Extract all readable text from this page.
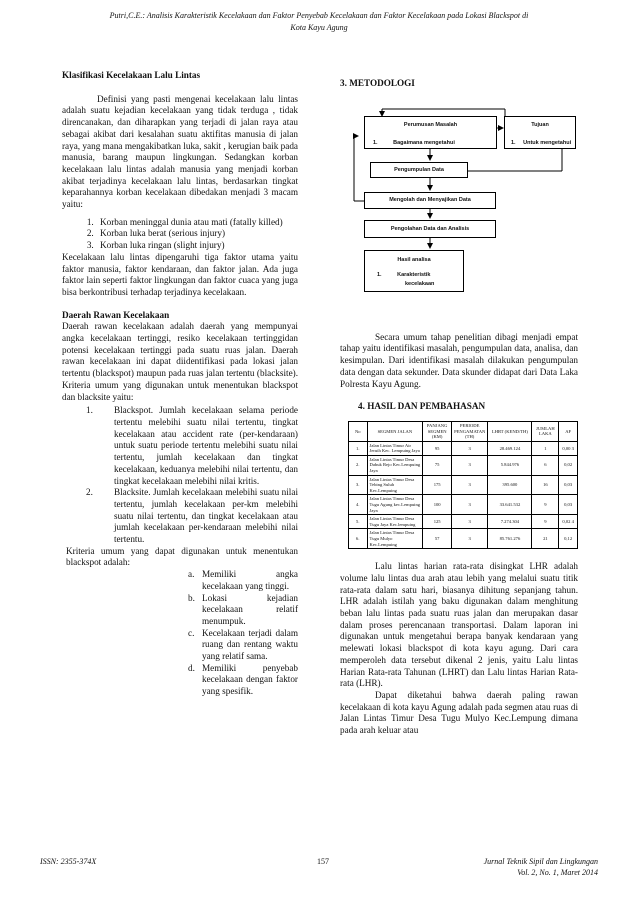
Putri,C.E.: Analisis Karakteristik Kecelakaan dan Faktor Penyebab Kecelakaan dan Faktor Kecelakaan pada Lokasi Blackspot di
Kota Kayu Agung

Klasifikasi Kecelakaan Lalu Lintas

Definisi yang pasti mengenai kecelakaan lalu lintas adalah suatu kejadian kecelakaan yang tidak terduga , tidak direncanakan, dan diharapkan yang terjadi di jalan raya atau sebagai akibat dari kesalahan suatu aktifitas manusia di jalan raya, yang mana mengakibatkan luka, sakit , kerugian baik pada manusia, barang maupun lingkungan. Sedangkan korban kecelakaan lalu lintas adalah manusia yang menjadi korban akibat terjadinya kecelakaan lalu lintas, berdasarkan tingkat keparahannya korban kecelakaan dibedakan menjadi 3 macam yaitu:

1. Korban meninggal dunia atau mati (fatally killed)
2. Korban luka berat (serious injury)
3. Korban luka ringan (slight injury)

Kecelakaan lalu lintas dipengaruhi tiga faktor utama yaitu faktor manusia, faktor kendaraan, dan faktor jalan. Ada juga faktor lain seperti faktor lingkungan dan faktor cuaca yang juga bisa berkontribusi terhadap terjadinya kecelakaan.

Daerah Rawan Kecelakaan

Daerah rawan kecelakaan adalah daerah yang mempunyai angka kecelakaan tertinggi, resiko kecelakaan tertinggidan potensi kecelakaan tertinggi pada suatu ruas jalan. Daerah rawan kecelakaan ini dapat diidentifikasi pada lokasi jalan tertentu (blackspot) maupun pada ruas jalan tertentu (blacksite). Kriteria umum yang digunakan untuk menentukan blackspot dan blacksite yaitu:

1.	Blackspot. Jumlah kecelakaan selama periode tertentu melebihi suatu nilai tertentu, tingkat kecelakaan atau accident rate (per-kendaraan) untuk suatu periode tertentu melebihi suatu nilai tertentu, jumlah kecelakaan dan tingkat kecelakaan, keduanya melebihi nilai tertentu, dan tingkat kecelakaan melebihi nilai kritis.
2.	Blacksite. Jumlah kecelakaan melebihi suatu nilai tertentu, jumlah kecelakaan per-km melebihi suatu nilai tertentu, dan tingkat kecelakaan atau jumlah kecelakaan per-kendaraan melebihi nilai tertentu.

Kriteria umum yang dapat digunakan untuk menentukan blackspot adalah:

a. Memiliki angka kecelakaan yang tinggi.
b. Lokasi kejadian kecelakaan relatif menumpuk.
c. Kecelakaan terjadi dalam ruang dan rentang waktu yang relatif sama.
d. Memiliki penyebab kecelakaan dengan faktor yang spesifik.

3. METODOLOGI

Perumusan Masalah
1.	Bagaimana mengetahui
Tujuan
1. Untuk mengetahui
Pengumpulan Data
Mengolah dan Menyajikan Data
Pengolahan Data dan Analisis
Hasil analisa
1.	Karakteristik
kecelakaan

Secara umum tahap penelitian dibagi menjadi empat tahap yaitu identifikasi masalah, pengumpulan data, analisa, dan kesimpulan. Dari identifikasi masalah dilakukan pengumpulan data dengan data sekunder. Data skunder didapat dari Data Laka Polresta Kayu Agung.

4. HASIL DAN PEMBAHASAN

No	SEGMEN JALAN	PANJANG SEGMEN (KM)	PERIODE PENGAMATAN (TH)	LHRT (KEND/TH)	JUMLAH LAKA	AF
1.	Jalan Lintas Timur Air Jeruih Kec. Lempuing Jaya	95	3	28.469.124	1	0,00 3
2.	Jalan Lintas Timur Desa Dabuk Rejo Kec.Lempuing Jaya	75	3	5.844.976	6	0,02
3.	Jalan Lintas Timur Desa Tebing Suluh Kec.Lempuing	175	3	395.600	16	0,03
4.	Jalan Lintas Timur Desa Tugu Agung kec.Lempuing Jaya	100	3	33.641.532	9	0,03
5.	Jalan Lintas Timur Desa Tugu Jaya Kec.lempuing	125	3	7.274.304	9	0,02 4
6.	Jalan Lintas Timur Desa Tugu Mulyo Kec.Lempuing	57	3	85.761.276	21	0,12

Lalu lintas harian rata-rata disingkat LHR adalah volume lalu lintas dua arah atau lebih yang melalui suatu titik rata-rata dalam satu hari, biasanya dihitung sepanjang tahun. LHR adalah istilah yang baku digunakan dalam menghitung beban lalu lintas pada suatu ruas jalan dan merupakan dasar dalam proses perencanaan transportasi. Dalam laporan ini digunakan untuk mengetahui berapa banyak kendaraan yang melewati lokasi blackspot di kota kayu agung. Dari cara memperoleh data tersebut dikenal 2 jenis, yaitu Lalu lintas Harian Rata-rata Tahunan (LHRT) dan Lalu lintas Harian Rata-rata (LHR).

Dapat diketahui bahwa daerah paling rawan kecelakaan di kota kayu Agung adalah pada segmen atau ruas di Jalan Lintas Timur Desa Tugu Mulyo Kec.Lempung dimana pada arah keluar atau

ISSN: 2355-374X	157	Jurnal Teknik Sipil dan Lingkungan
Vol. 2, No. 1, Maret 2014
